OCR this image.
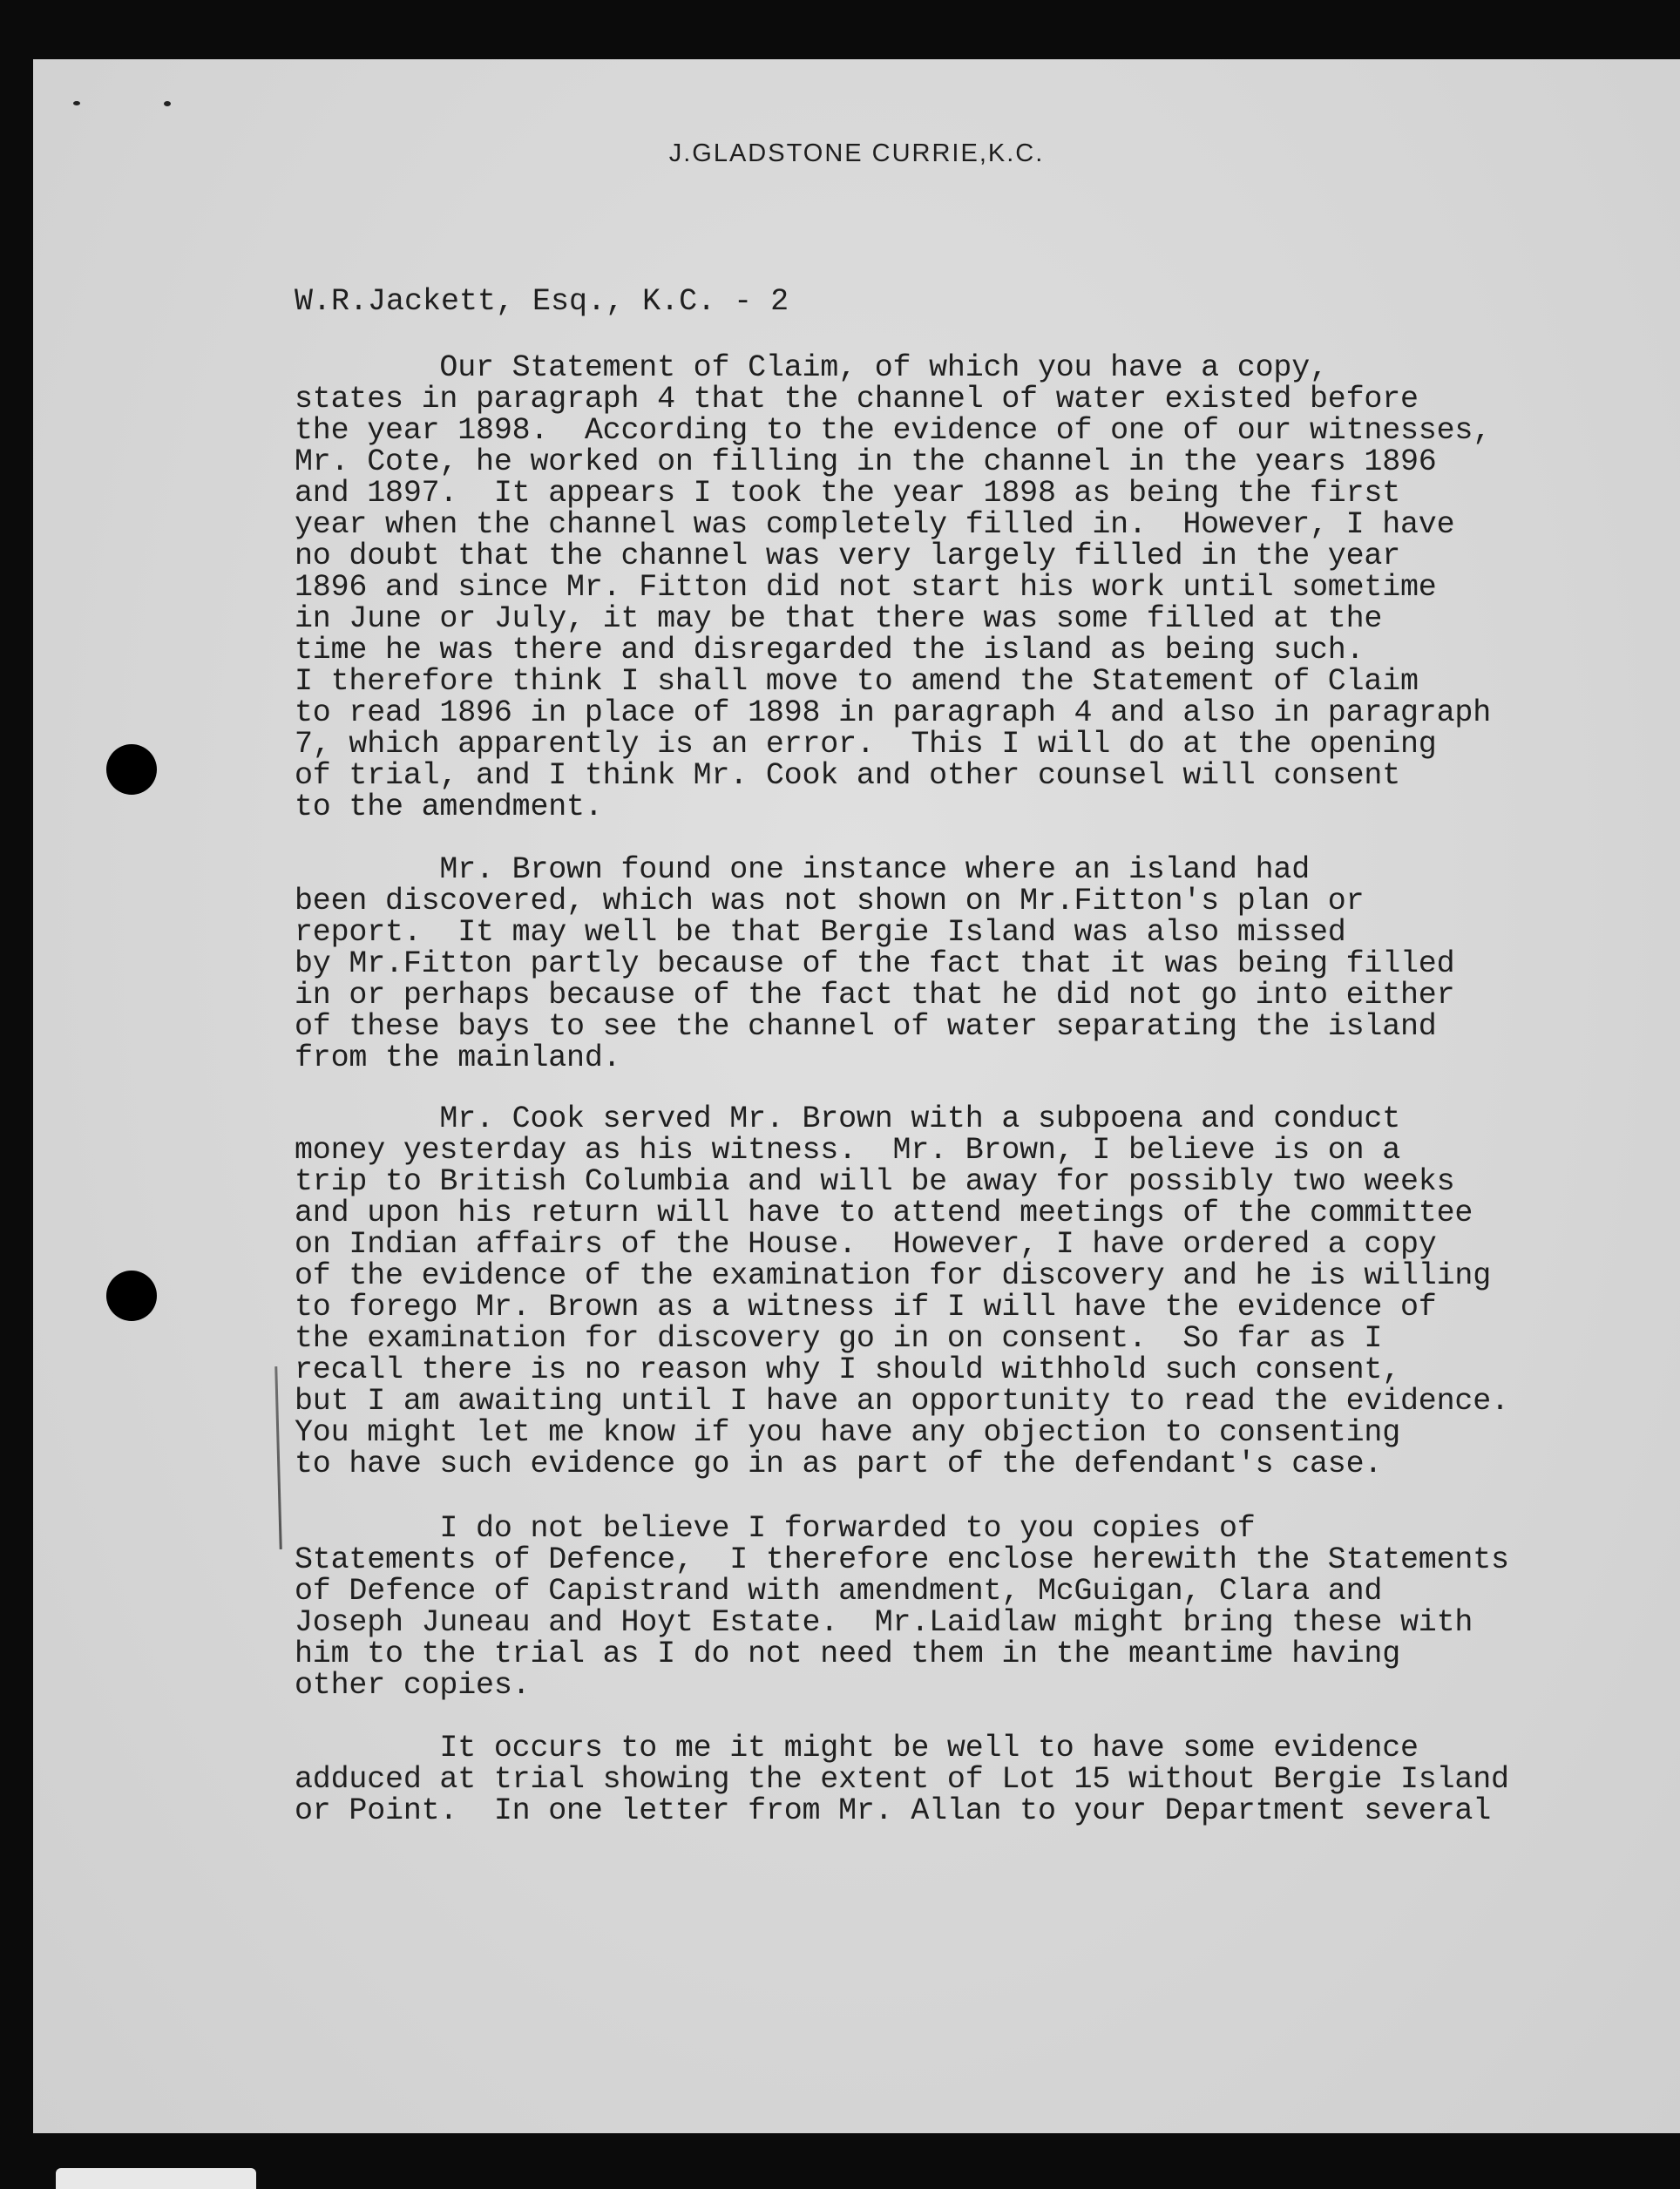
J.GLADSTONE CURRIE,K.C.
W.R.Jackett, Esq., K.C. - 2
Our Statement of Claim, of which you have a copy,
states in paragraph 4 that the channel of water existed before
the year 1898.  According to the evidence of one of our witnesses,
Mr. Cote, he worked on filling in the channel in the years 1896
and 1897.  It appears I took the year 1898 as being the first
year when the channel was completely filled in.  However, I have
no doubt that the channel was very largely filled in the year
1896 and since Mr. Fitton did not start his work until sometime
in June or July, it may be that there was some filled at the
time he was there and disregarded the island as being such.
I therefore think I shall move to amend the Statement of Claim
to read 1896 in place of 1898 in paragraph 4 and also in paragraph
7, which apparently is an error.  This I will do at the opening
of trial, and I think Mr. Cook and other counsel will consent
to the amendment.
Mr. Brown found one instance where an island had
been discovered, which was not shown on Mr.Fitton's plan or
report.  It may well be that Bergie Island was also missed
by Mr.Fitton partly because of the fact that it was being filled
in or perhaps because of the fact that he did not go into either
of these bays to see the channel of water separating the island
from the mainland.
Mr. Cook served Mr. Brown with a subpoena and conduct
money yesterday as his witness.  Mr. Brown, I believe is on a
trip to British Columbia and will be away for possibly two weeks
and upon his return will have to attend meetings of the committee
on Indian affairs of the House.  However, I have ordered a copy
of the evidence of the examination for discovery and he is willing
to forego Mr. Brown as a witness if I will have the evidence of
the examination for discovery go in on consent.  So far as I
recall there is no reason why I should withhold such consent,
but I am awaiting until I have an opportunity to read the evidence.
You might let me know if you have any objection to consenting
to have such evidence go in as part of the defendant's case.
I do not believe I forwarded to you copies of
Statements of Defence,  I therefore enclose herewith the Statements
of Defence of Capistrand with amendment, McGuigan, Clara and
Joseph Juneau and Hoyt Estate.  Mr.Laidlaw might bring these with
him to the trial as I do not need them in the meantime having
other copies.
It occurs to me it might be well to have some evidence
adduced at trial showing the extent of Lot 15 without Bergie Island
or Point.  In one letter from Mr. Allan to your Department several
